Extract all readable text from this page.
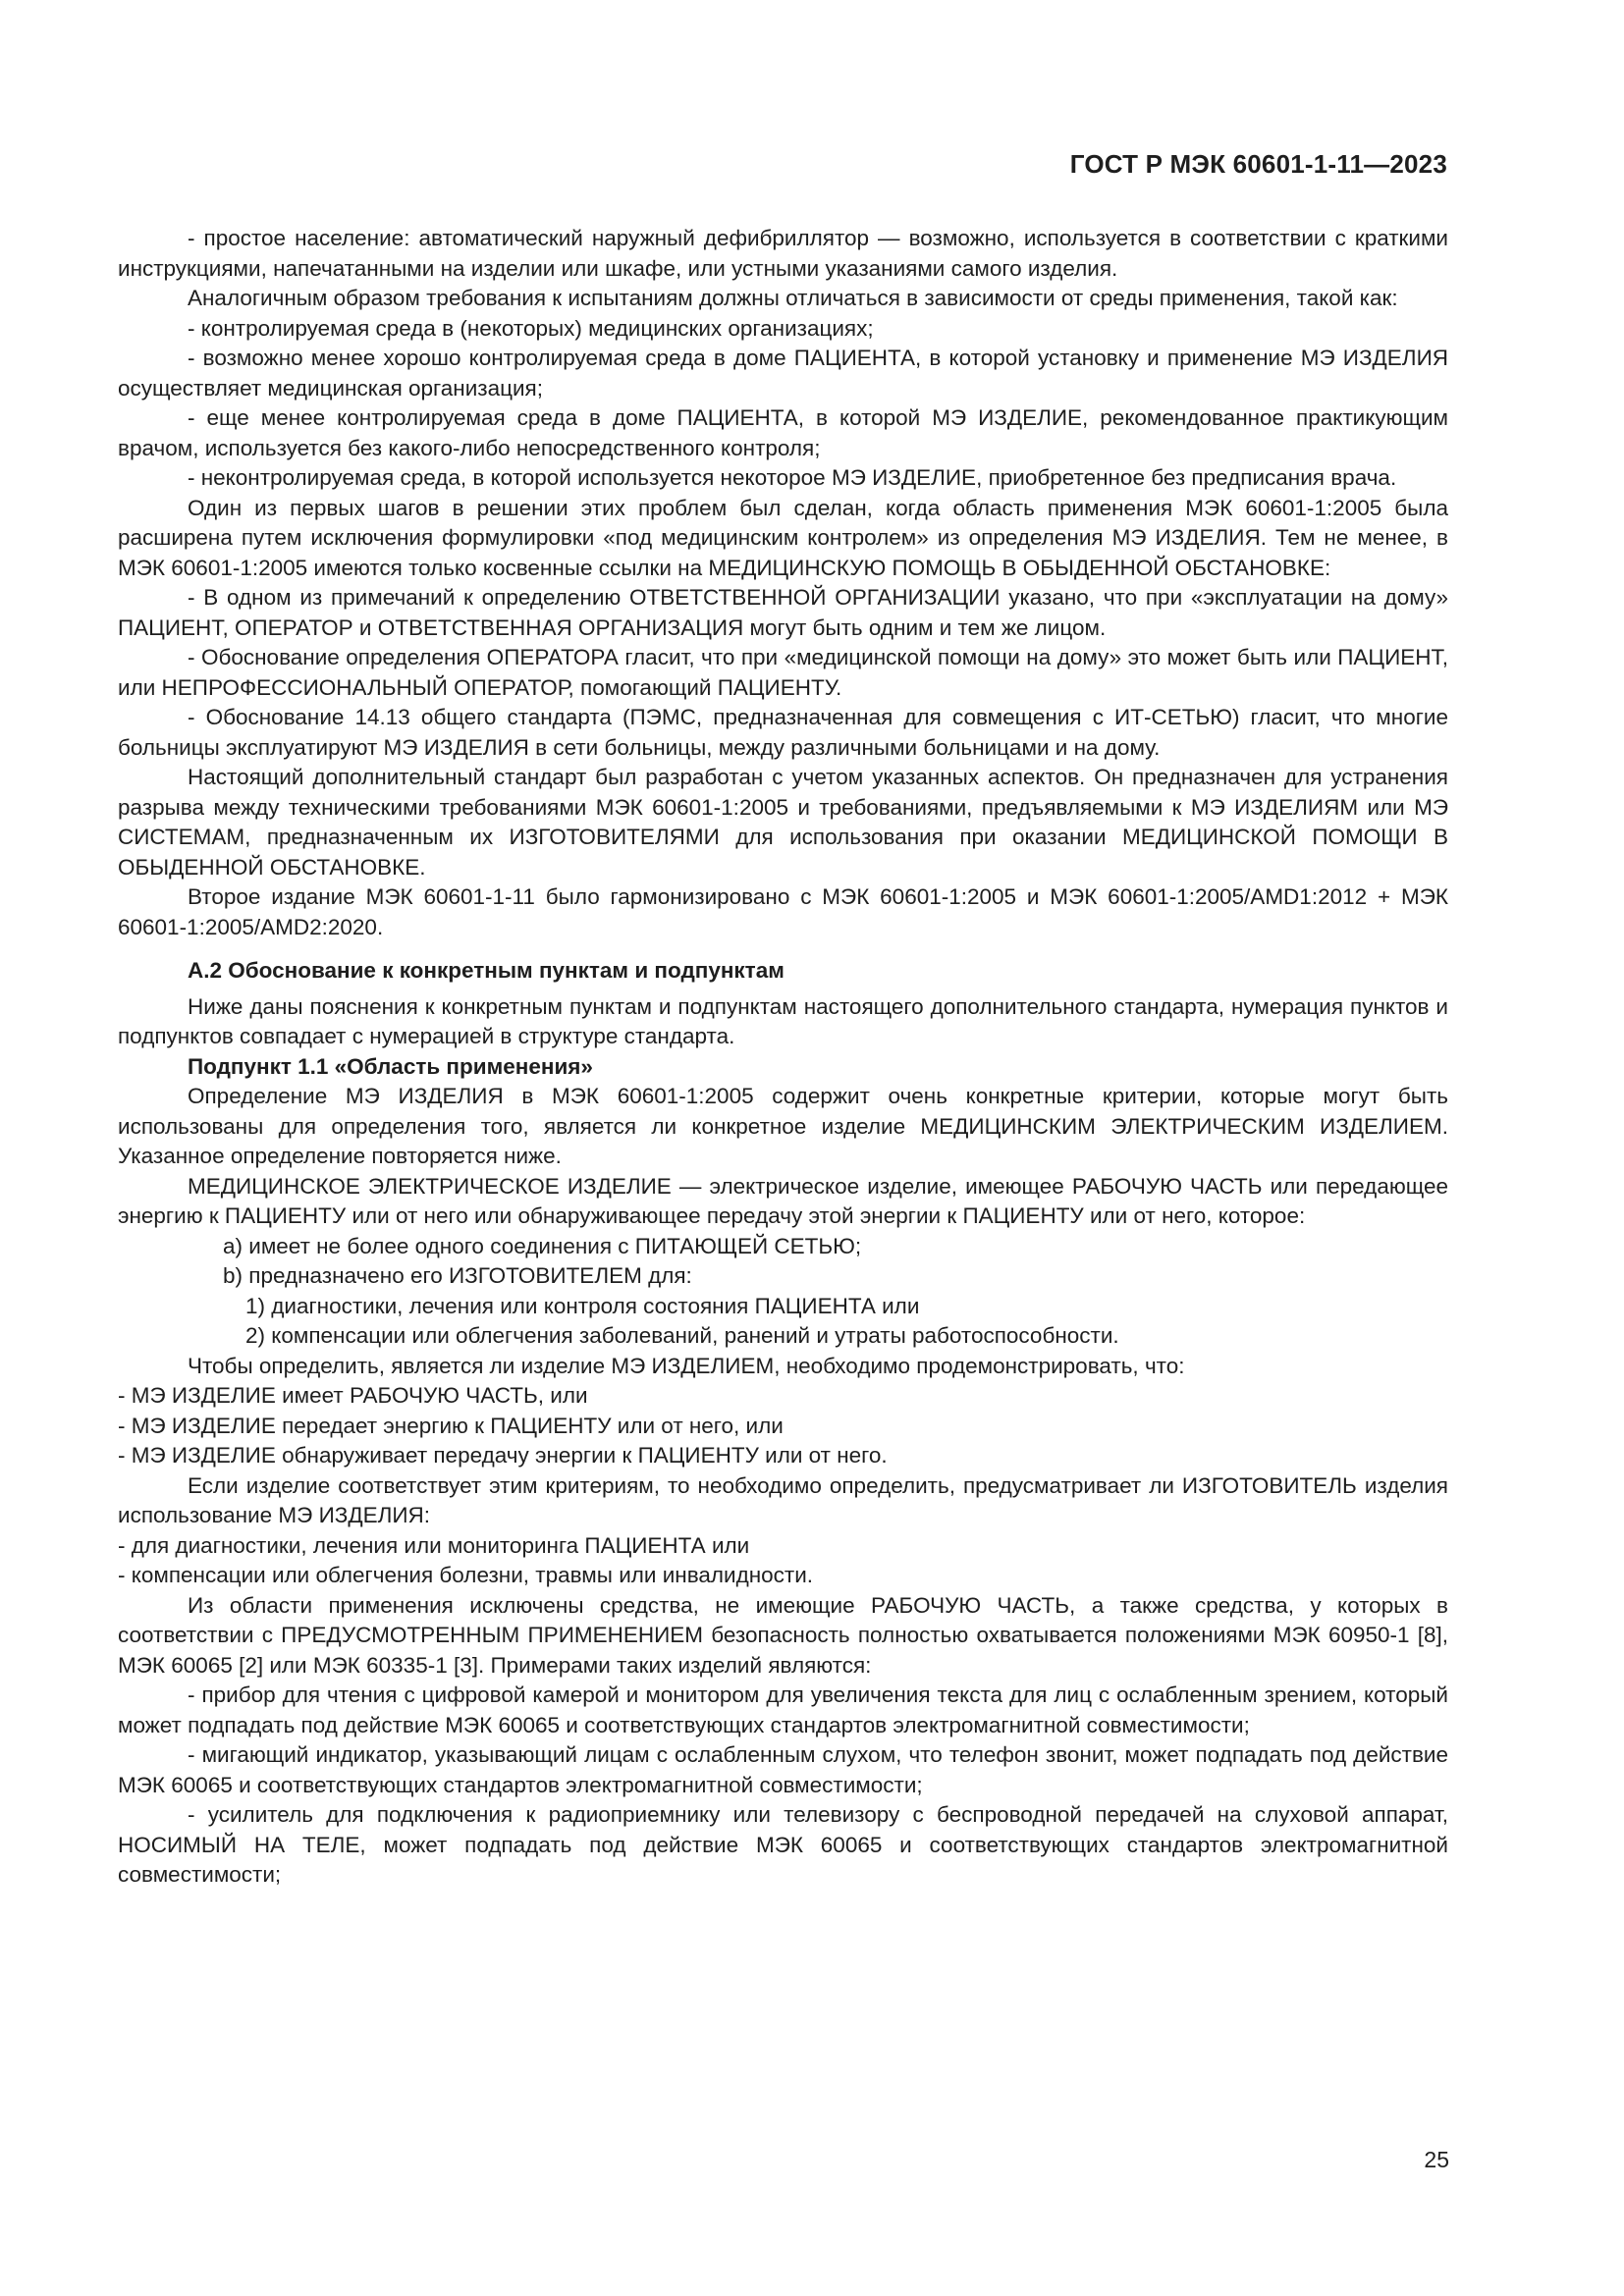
ГОСТ Р МЭК 60601-1-11—2023

- простое население: автоматический наружный дефибриллятор — возможно, используется в соответствии с краткими инструкциями, напечатанными на изделии или шкафе, или устными указаниями самого изделия.

Аналогичным образом требования к испытаниям должны отличаться в зависимости от среды применения, такой как:

- контролируемая среда в (некоторых) медицинских организациях;

- возможно менее хорошо контролируемая среда в доме ПАЦИЕНТА, в которой установку и применение МЭ ИЗДЕЛИЯ осуществляет медицинская организация;

- еще менее контролируемая среда в доме ПАЦИЕНТА, в которой МЭ ИЗДЕЛИЕ, рекомендованное практикующим врачом, используется без какого-либо непосредственного контроля;

- неконтролируемая среда, в которой используется некоторое МЭ ИЗДЕЛИЕ, приобретенное без предписания врача.

Один из первых шагов в решении этих проблем был сделан, когда область применения МЭК 60601-1:2005 была расширена путем исключения формулировки «под медицинским контролем» из определения МЭ ИЗДЕЛИЯ. Тем не менее, в МЭК 60601-1:2005 имеются только косвенные ссылки на МЕДИЦИНСКУЮ ПОМОЩЬ В ОБЫДЕННОЙ ОБСТАНОВКЕ:

- В одном из примечаний к определению ОТВЕТСТВЕННОЙ ОРГАНИЗАЦИИ указано, что при «эксплуатации на дому» ПАЦИЕНТ, ОПЕРАТОР и ОТВЕТСТВЕННАЯ ОРГАНИЗАЦИЯ могут быть одним и тем же лицом.

- Обоснование определения ОПЕРАТОРА гласит, что при «медицинской помощи на дому» это может быть или ПАЦИЕНТ, или НЕПРОФЕССИОНАЛЬНЫЙ ОПЕРАТОР, помогающий ПАЦИЕНТУ.

- Обоснование 14.13 общего стандарта (ПЭМС, предназначенная для совмещения с ИТ-СЕТЬЮ) гласит, что многие больницы эксплуатируют МЭ ИЗДЕЛИЯ в сети больницы, между различными больницами и на дому.

Настоящий дополнительный стандарт был разработан с учетом указанных аспектов. Он предназначен для устранения разрыва между техническими требованиями МЭК 60601-1:2005 и требованиями, предъявляемыми к МЭ ИЗДЕЛИЯМ или МЭ СИСТЕМАМ, предназначенным их ИЗГОТОВИТЕЛЯМИ для использования при оказании МЕДИЦИНСКОЙ ПОМОЩИ В ОБЫДЕННОЙ ОБСТАНОВКЕ.

Второе издание МЭК 60601-1-11 было гармонизировано с МЭК 60601-1:2005 и МЭК 60601-1:2005/AMD1:2012 + МЭК 60601-1:2005/AMD2:2020.

А.2 Обоснование к конкретным пунктам и подпунктам

Ниже даны пояснения к конкретным пунктам и подпунктам настоящего дополнительного стандарта, нумерация пунктов и подпунктов совпадает с нумерацией в структуре стандарта.

Подпункт 1.1 «Область применения»

Определение МЭ ИЗДЕЛИЯ в МЭК 60601-1:2005 содержит очень конкретные критерии, которые могут быть использованы для определения того, является ли конкретное изделие МЕДИЦИНСКИМ ЭЛЕКТРИЧЕСКИМ ИЗДЕЛИЕМ. Указанное определение повторяется ниже.

МЕДИЦИНСКОЕ ЭЛЕКТРИЧЕСКОЕ ИЗДЕЛИЕ — электрическое изделие, имеющее РАБОЧУЮ ЧАСТЬ или передающее энергию к ПАЦИЕНТУ или от него или обнаруживающее передачу этой энергии к ПАЦИЕНТУ или от него, которое:

a) имеет не более одного соединения с ПИТАЮЩЕЙ СЕТЬЮ;

b) предназначено его ИЗГОТОВИТЕЛЕМ для:

1) диагностики, лечения или контроля состояния ПАЦИЕНТА или

2) компенсации или облегчения заболеваний, ранений и утраты работоспособности.

Чтобы определить, является ли изделие МЭ ИЗДЕЛИЕМ, необходимо продемонстрировать, что:

- МЭ ИЗДЕЛИЕ имеет РАБОЧУЮ ЧАСТЬ, или

- МЭ ИЗДЕЛИЕ передает энергию к ПАЦИЕНТУ или от него, или

- МЭ ИЗДЕЛИЕ обнаруживает передачу энергии к ПАЦИЕНТУ или от него.

Если изделие соответствует этим критериям, то необходимо определить, предусматривает ли ИЗГОТОВИТЕЛЬ изделия использование МЭ ИЗДЕЛИЯ:

- для диагностики, лечения или мониторинга ПАЦИЕНТА или

- компенсации или облегчения болезни, травмы или инвалидности.

Из области применения исключены средства, не имеющие РАБОЧУЮ ЧАСТЬ, а также средства, у которых в соответствии с ПРЕДУСМОТРЕННЫМ ПРИМЕНЕНИЕМ безопасность полностью охватывается положениями МЭК 60950-1 [8], МЭК 60065 [2] или МЭК 60335-1 [3]. Примерами таких изделий являются:

- прибор для чтения с цифровой камерой и монитором для увеличения текста для лиц с ослабленным зрением, который может подпадать под действие МЭК 60065 и соответствующих стандартов электромагнитной совместимости;

- мигающий индикатор, указывающий лицам с ослабленным слухом, что телефон звонит, может подпадать под действие МЭК 60065 и соответствующих стандартов электромагнитной совместимости;

- усилитель для подключения к радиоприемнику или телевизору с беспроводной передачей на слуховой аппарат, НОСИМЫЙ НА ТЕЛЕ, может подпадать под действие МЭК 60065 и соответствующих стандартов электромагнитной совместимости;

25
